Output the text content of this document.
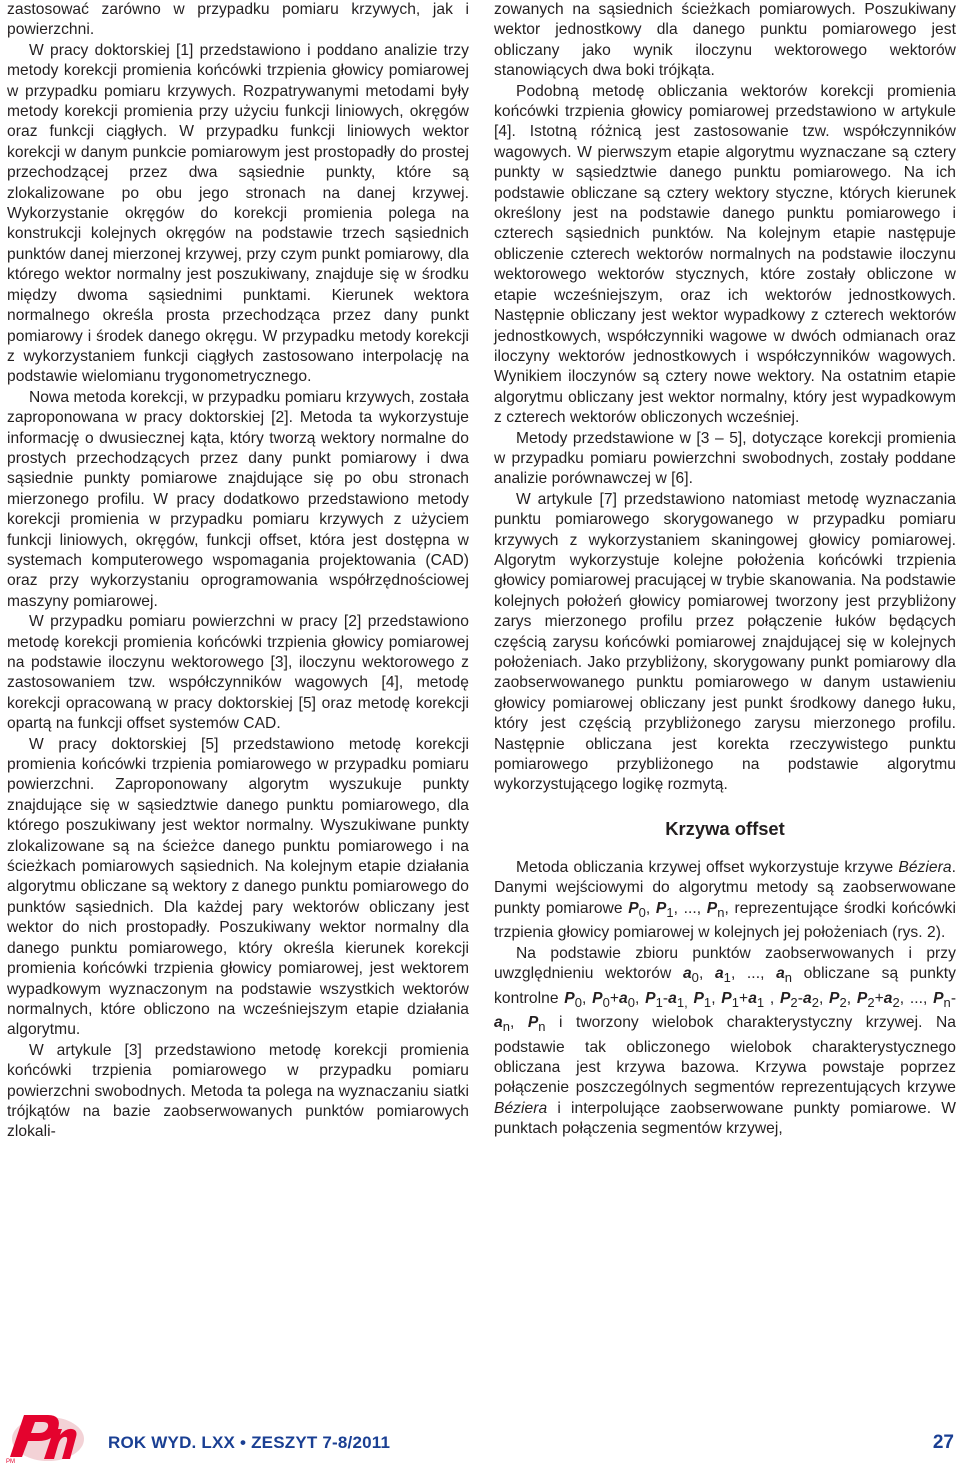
zastosować zarówno w przypadku pomiaru krzywych, jak i powierzchni.

W pracy doktorskiej [1] przedstawiono i poddano analizie trzy metody korekcji promienia końcówki trzpienia głowicy pomiarowej w przypadku pomiaru krzywych. Rozpatrywanymi metodami były metody korekcji promienia przy użyciu funkcji liniowych, okręgów oraz funkcji ciągłych. W przypadku funkcji liniowych wektor korekcji w danym punkcie pomiarowym jest prostopadły do prostej przechodzącej przez dwa sąsiednie punkty, które są zlokalizowane po obu jego stronach na danej krzywej. Wykorzystanie okręgów do korekcji promienia polega na konstrukcji kolejnych okręgów na podstawie trzech sąsiednich punktów danej mierzonej krzywej, przy czym punkt pomiarowy, dla którego wektor normalny jest poszukiwany, znajduje się w środku między dwoma sąsiednimi punktami. Kierunek wektora normalnego określa prosta przechodząca przez dany punkt pomiarowy i środek danego okręgu. W przypadku metody korekcji z wykorzystaniem funkcji ciągłych zastosowano interpolację na podstawie wielomianu trygonometrycznego.

Nowa metoda korekcji, w przypadku pomiaru krzywych, została zaproponowana w pracy doktorskiej [2]. Metoda ta wykorzystuje informację o dwusiecznej kąta, który tworzą wektory normalne do prostych przechodzących przez dany punkt pomiarowy i dwa sąsiednie punkty pomiarowe znajdujące się po obu stronach mierzonego profilu. W pracy dodatkowo przedstawiono metody korekcji promienia w przypadku pomiaru krzywych z użyciem funkcji liniowych, okręgów, funkcji offset, która jest dostępna w systemach komputerowego wspomagania projektowania (CAD) oraz przy wykorzystaniu oprogramowania współrzędnościowej maszyny pomiarowej.

W przypadku pomiaru powierzchni w pracy [2] przedstawiono metodę korekcji promienia końcówki trzpienia głowicy pomiarowej na podstawie iloczynu wektorowego [3], iloczynu wektorowego z zastosowaniem tzw. współczynników wagowych [4], metodę korekcji opracowaną w pracy doktorskiej [5] oraz metodę korekcji opartą na funkcji offset systemów CAD.

W pracy doktorskiej [5] przedstawiono metodę korekcji promienia końcówki trzpienia pomiarowego w przypadku pomiaru powierzchni. Zaproponowany algorytm wyszukuje punkty znajdujące się w sąsiedztwie danego punktu pomiarowego, dla którego poszukiwany jest wektor normalny. Wyszukiwane punkty zlokalizowane są na ścieżce danego punktu pomiarowego i na ścieżkach pomiarowych sąsiednich. Na kolejnym etapie działania algorytmu obliczane są wektory z danego punktu pomiarowego do punktów sąsiednich. Dla każdej pary wektorów obliczany jest wektor do nich prostopadły. Poszukiwany wektor normalny dla danego punktu pomiarowego, który określa kierunek korekcji promienia końcówki trzpienia głowicy pomiarowej, jest wektorem wypadkowym wyznaczonym na podstawie wszystkich wektorów normalnych, które obliczono na wcześniejszym etapie działania algorytmu.

W artykule [3] przedstawiono metodę korekcji promienia końcówki trzpienia pomiarowego w przypadku pomiaru powierzchni swobodnych. Metoda ta polega na wyznaczaniu siatki trójkątów na bazie zaobserwowanych punktów pomiarowych zlokali-

zowanych na sąsiednich ścieżkach pomiarowych. Poszukiwany wektor jednostkowy dla danego punktu pomiarowego jest obliczany jako wynik iloczynu wektorowego wektorów stanowiących dwa boki trójkąta.

Podobną metodę obliczania wektorów korekcji promienia końcówki trzpienia głowicy pomiarowej przedstawiono w artykule [4]. Istotną różnicą jest zastosowanie tzw. współczynników wagowych. W pierwszym etapie algorytmu wyznaczane są cztery punkty w sąsiedztwie danego punktu pomiarowego. Na ich podstawie obliczane są cztery wektory styczne, których kierunek określony jest na podstawie danego punktu pomiarowego i czterech sąsiednich punktów. Na kolejnym etapie następuje obliczenie czterech wektorów normalnych na podstawie iloczynu wektorowego wektorów stycznych, które zostały obliczone w etapie wcześniejszym, oraz ich wektorów jednostkowych. Następnie obliczany jest wektor wypadkowy z czterech wektorów jednostkowych, współczynniki wagowe w dwóch odmianach oraz iloczyny wektorów jednostkowych i współczynników wagowych. Wynikiem iloczynów są cztery nowe wektory. Na ostatnim etapie algorytmu obliczany jest wektor normalny, który jest wypadkowym z czterech wektorów obliczonych wcześniej.

Metody przedstawione w [3 – 5], dotyczące korekcji promienia w przypadku pomiaru powierzchni swobodnych, zostały poddane analizie porównawczej w [6].

W artykule [7] przedstawiono natomiast metodę wyznaczania punktu pomiarowego skorygowanego w przypadku pomiaru krzywych z wykorzystaniem skaningowej głowicy pomiarowej. Algorytm wykorzystuje kolejne położenia końcówki trzpienia głowicy pomiarowej pracującej w trybie skanowania. Na podstawie kolejnych położeń głowicy pomiarowej tworzony jest przybliżony zarys mierzonego profilu przez połączenie łuków będących częścią zarysu końcówki pomiarowej znajdującej się w kolejnych położeniach. Jako przybliżony, skorygowany punkt pomiarowy dla zaobserwowanego punktu pomiarowego w danym ustawieniu głowicy pomiarowej obliczany jest punkt środkowy danego łuku, który jest częścią przybliżonego zarysu mierzonego profilu. Następnie obliczana jest korekta rzeczywistego punktu pomiarowego przybliżonego na podstawie algorytmu wykorzystującego logikę rozmytą.

Krzywa offset

Metoda obliczania krzywej offset wykorzystuje krzywe Béziera. Danymi wejściowymi do algorytmu metody są zaobserwowane punkty pomiarowe $P_0$, $P_1$, ..., $P_n$, reprezentujące środki końcówki trzpienia głowicy pomiarowej w kolejnych jej położeniach (rys. 2).

Na podstawie zbioru punktów zaobserwowanych i przy uwzględnieniu wektorów $a_0$, $a_1$, ..., $a_n$ obliczane są punkty kontrolne $P_0$, $P_0+a_0$, $P_1-a_{1,}$ $P_1$, $P_1+a_1$ , $P_2-a_2$, $P_2$, $P_2+a_2$, ..., $P_n-a_n$, $P_n$ i tworzony wielobok charakterystyczny krzywej. Na podstawie tak obliczonego wielobok charakterystycznego obliczana jest krzywa bazowa. Krzywa powstaje poprzez połączenie poszczególnych segmentów reprezentujących krzywe Béziera i interpolujące zaobserwowane punkty pomiarowe. W punktach połączenia segmentów krzywej,

PM
ROK WYD. LXX • ZESZYT 7-8/2011	27
